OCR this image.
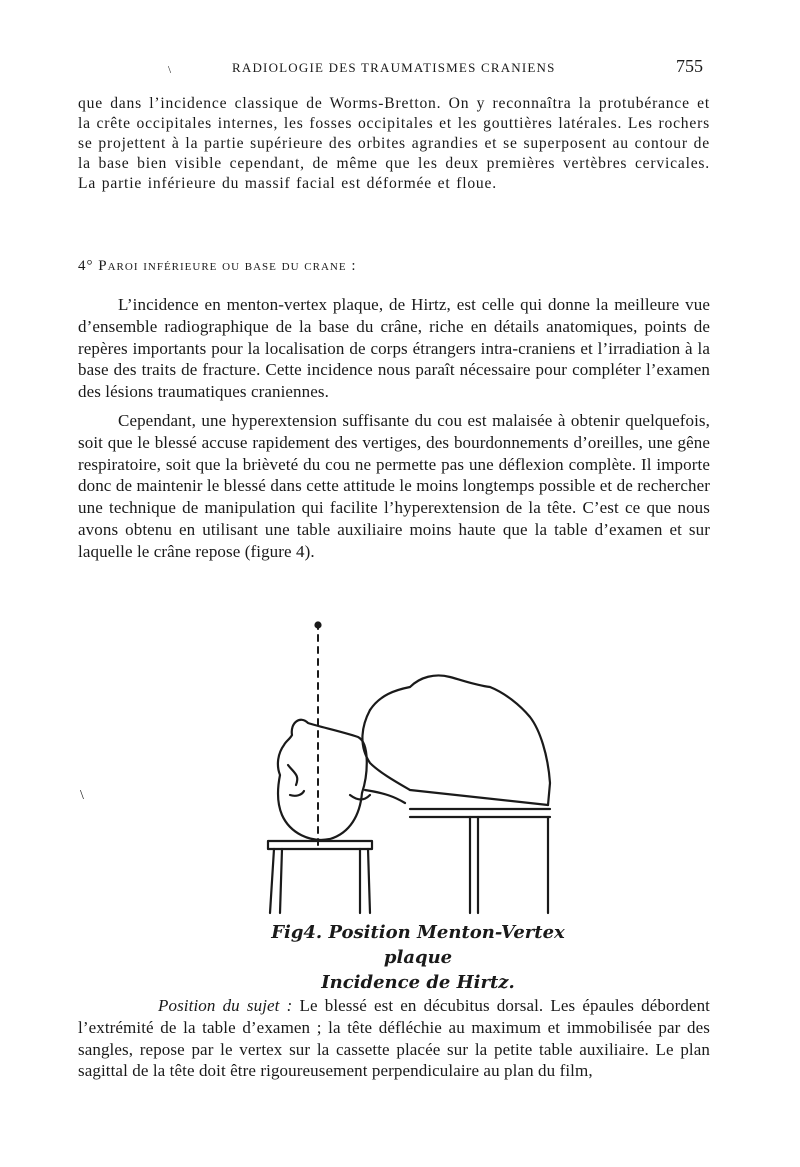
\	RADIOLOGIE DES TRAUMATISMES CRANIENS	755

que dans l’incidence classique de Worms-Bretton. On y reconnaîtra la protubérance et la crête occipitales internes, les fosses occipitales et les gouttières latérales. Les rochers se projettent à la partie supérieure des orbites agrandies et se superposent au contour de la base bien visible cependant, de même que les deux premières vertèbres cervicales. La partie inférieure du massif facial est déformée et floue.

4° Paroi inférieure ou base du crane :

L’incidence en menton-vertex plaque, de Hirtz, est celle qui donne la meilleure vue d’ensemble radiographique de la base du crâne, riche en détails anatomiques, points de repères importants pour la localisation de corps étrangers intra-craniens et l’irradiation à la base des traits de fracture. Cette incidence nous paraît nécessaire pour compléter l’examen des lésions traumatiques craniennes.

Cependant, une hyperextension suffisante du cou est malaisée à obtenir quelquefois, soit que le blessé accuse rapidement des vertiges, des bourdonnements d’oreilles, une gêne respiratoire, soit que la brièveté du cou ne permette pas une déflexion complète. Il importe donc de maintenir le blessé dans cette attitude le moins longtemps possible et de rechercher une technique de manipulation qui facilite l’hyperextension de la tête. C’est ce que nous avons obtenu en utilisant une table auxiliaire moins haute que la table d’examen et sur laquelle le crâne repose (figure 4).

\
Fig4. Position Menton-Vertex plaque
Incidence de Hirtz.

Position du sujet : Le blessé est en décubitus dorsal. Les épaules débordent l’extrémité de la table d’examen ; la tête défléchie au maximum et immobilisée par des sangles, repose par le vertex sur la cassette placée sur la petite table auxiliaire. Le plan sagittal de la tête doit être rigoureusement perpendiculaire au plan du film,
